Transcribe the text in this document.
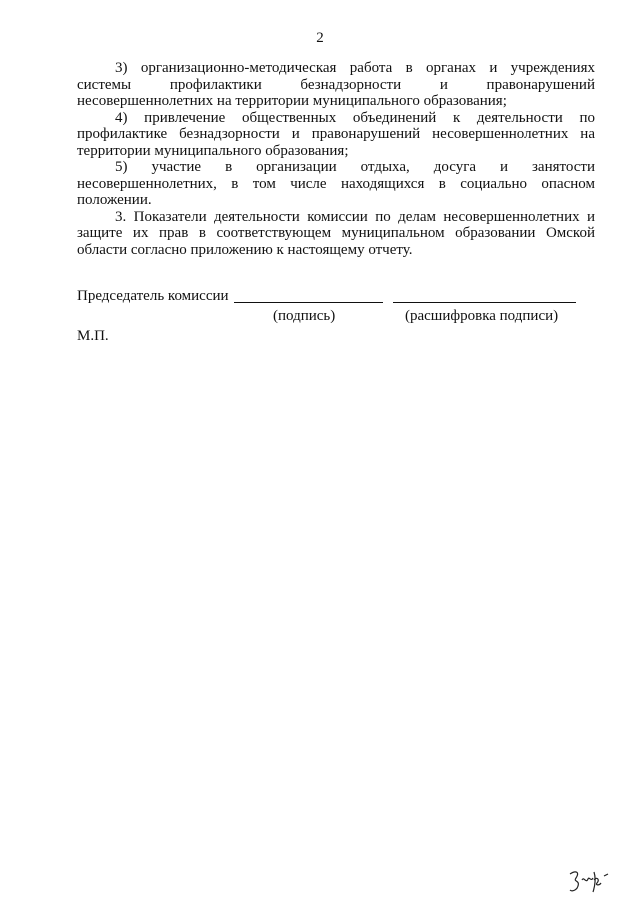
2

3) организационно-методическая работа в органах и учреждениях системы профилактики безнадзорности и правонарушений несовершеннолетних на территории муниципального образования;

4) привлечение общественных объединений к деятельности по профилактике безнадзорности и правонарушений несовершеннолетних на территории муниципального образования;

5) участие в организации отдыха, досуга и занятости несовершеннолетних, в том числе находящихся в социально опасном положении.

3. Показатели деятельности комиссии по делам несовершеннолетних и защите их прав в соответствующем муниципальном образовании Омской области согласно приложению к настоящему отчету.

Председатель комиссии
(подпись)	(расшифровка подписи)
М.П.
